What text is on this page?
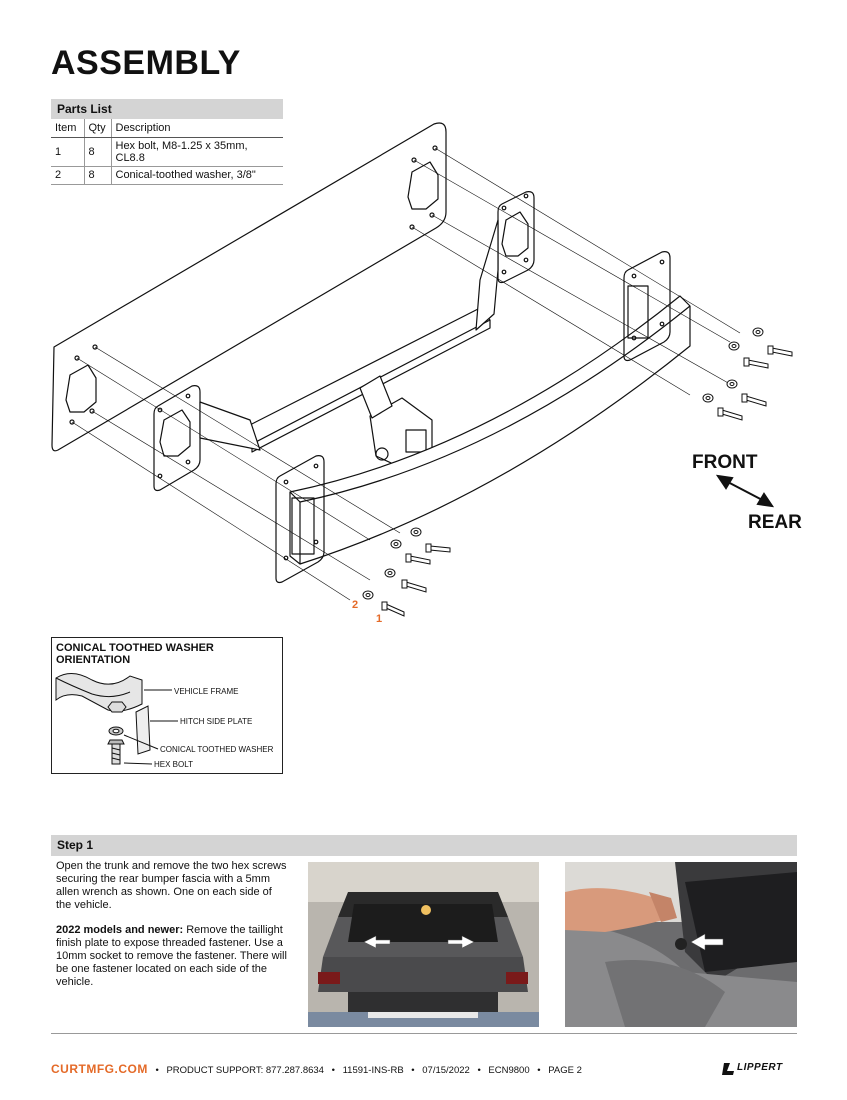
ASSEMBLY
Parts List
Item	Qty	Description
1	8	Hex bolt, M8-1.25 x 35mm, CL8.8
2	8	Conical-toothed washer, 3/8"
FRONT
REAR
2
1
CONICAL TOOTHED WASHER ORIENTATION
VEHICLE FRAME
HITCH SIDE PLATE
CONICAL TOOTHED WASHER
HEX BOLT
Step 1

Open the trunk and remove the two hex screws securing the rear bumper fascia with a 5mm allen wrench as shown. One on each side of the vehicle.

2022 models and newer: Remove the taillight finish plate to expose threaded fastener. Use a 10mm socket to remove the fastener. There will be one fastener located on each side of the vehicle.

CURTMFG.COM • PRODUCT SUPPORT: 877.287.8634 • 11591-INS-RB • 07/15/2022 • ECN9800 • PAGE 2	LIPPERT
